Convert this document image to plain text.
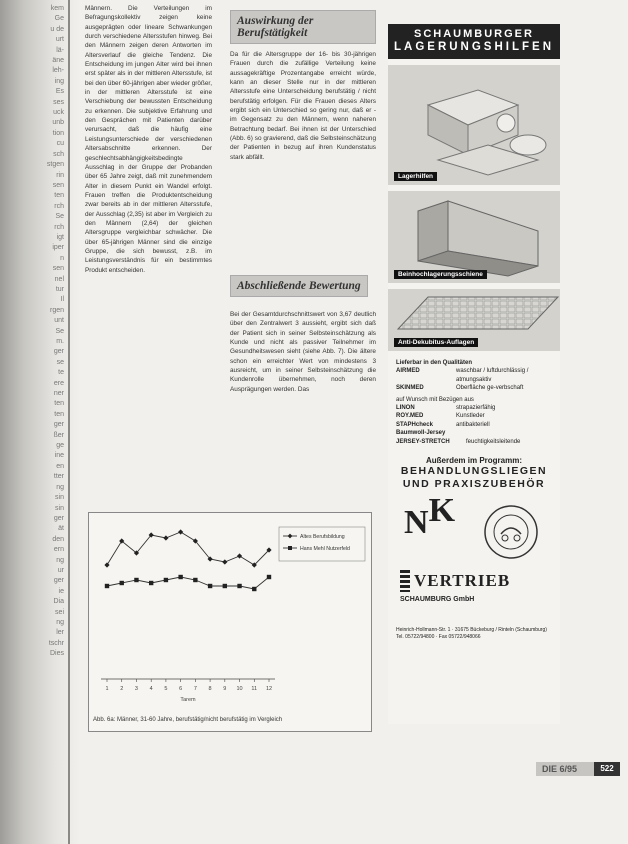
kem
Ge
u de
urt
lä-
äne
leh-
ing
Es
ses
uck
unb
tion
cu
sch
stgen
rin
sen
ten
rch
Se
rch
igt
iper
n
sen
nel
tur
Il
rgen
unt
Se
m.
ger
se
te
ere
ner
ten
ten
ger
ßer
ge
ine
en
tter
ng
sin
sin
ger
ät
den
ern
ng
ur
ger
ie
Dia
sei
ng
ler
tschr
Dies
Männern. Die Verteilungen im Befragungskollektiv zeigen keine ausgeprägten oder lineare Schwankungen durch verschiedene Altersstufen hinweg. Bei den Männern zeigen deren Antworten im Altersverlauf die gleiche Tendenz. Die Entscheidung im jungen Alter wird bei ihnen erst später als in der mittleren Altersstufe, ist bei den über 60-jährigen aber wieder größer, in der mittleren Altersstufe ist eine Verschiebung der bewussten Entscheidung zu erkennen. Die subjektive Erfahrung und den Gesprächen mit Patienten darüber verursacht, daß die häufig eine Leistungsunterschiede der verschiedenen Altersabschnitte erkennen. Der geschlechtsabhängigkeitsbedingte Ausschlag in der Gruppe der Probanden über 65 Jahre zeigt, daß mit zunehmendem Alter in diesem Punkt ein Wandel erfolgt. Frauen treffen die Produktentscheidung zwar bereits ab in der mittleren Altersstufe, der Ausschlag (2,35) ist aber im Vergleich zu den Männern (2,64) der gleichen Altersgruppe vergleichbar schwächer. Die über 65-jährigen Männer sind die einzige Gruppe, die sich bewusst, z.B. im Leistungsverständnis für ein bestimmtes Produkt entscheiden.
Auswirkung der Berufstätigkeit
Da für die Altersgruppe der 16- bis 30-jährigen Frauen durch die zufällige Verteilung keine aussagekräftige Prozentangabe erreicht würde, kann an dieser Stelle nur in der mittleren Altersstufe eine Unterscheidung berufstätig / nicht berufstätig erfolgen. Für die Frauen dieses Alters ergibt sich ein Unterschied so gering nur, daß er - im Gegensatz zu den Männern, wenn naheren Betrachtung bedarf. Bei ihnen ist der Unterschied (Abb. 6) so gravierend, daß die Selbsteinschätzung der Patienten in bezug auf ihren Kundenstatus stark abfällt.
Abschließende Bewertung
Bei der Gesamtdurchschnittswert von 3,67 deutlich über den Zentralwert 3 aussieht, ergibt sich daß der Patient sich in seiner Selbsteinschätzung als Kunde und nicht als passiver Teilnehmer im Gesundheitswesen sieht (siehe Abb. 7). Die ältere schon ein erreichter Wert von mindestens 3 ausreicht, um in seiner Selbsteinschätzung die Kundenrolle übernehmen, noch deren Ausprägungen werden. Das
SCHAUMBURGER
LAGERUNGSHILFEN
Lagerhilfen
Beinhochlagerungsschiene
Anti-Dekubitus-Auflagen
Lieferbar in den Qualitäten
AIRMED	waschbar / luftdurchlässig / atmungsaktiv
SKINMED	Oberfläche ge-verbschaft
auf Wunsch mit Bezügen aus
LINON	strapazierfähig
ROY.MED	Kunstleder
STAPHcheck	antibakteriell
Baumwoll-Jersey
JERSEY-STRETCH	feuchtigkeitsleitende
Außerdem im Programm:
BEHANDLUNGSLIEGEN
UND PRAXISZUBEHÖR
NK
VERTRIEB
SCHAUMBURG GmbH
Heinrich-Hollmann-Str. 1 · 31675 Bückeburg / Rinteln (Schaumburg)
Tel. 05722/94800 · Fax 05722/948066
1 2 3 4 5 6 7 8 9 10 11 12
Tarem
Altes Berufsbildung
Hans Mehl Nutzerfeld
Abb. 6a: Männer, 31-60 Jahre, berufstätig/nicht berufstätig im Vergleich
DIE 6/95	522
